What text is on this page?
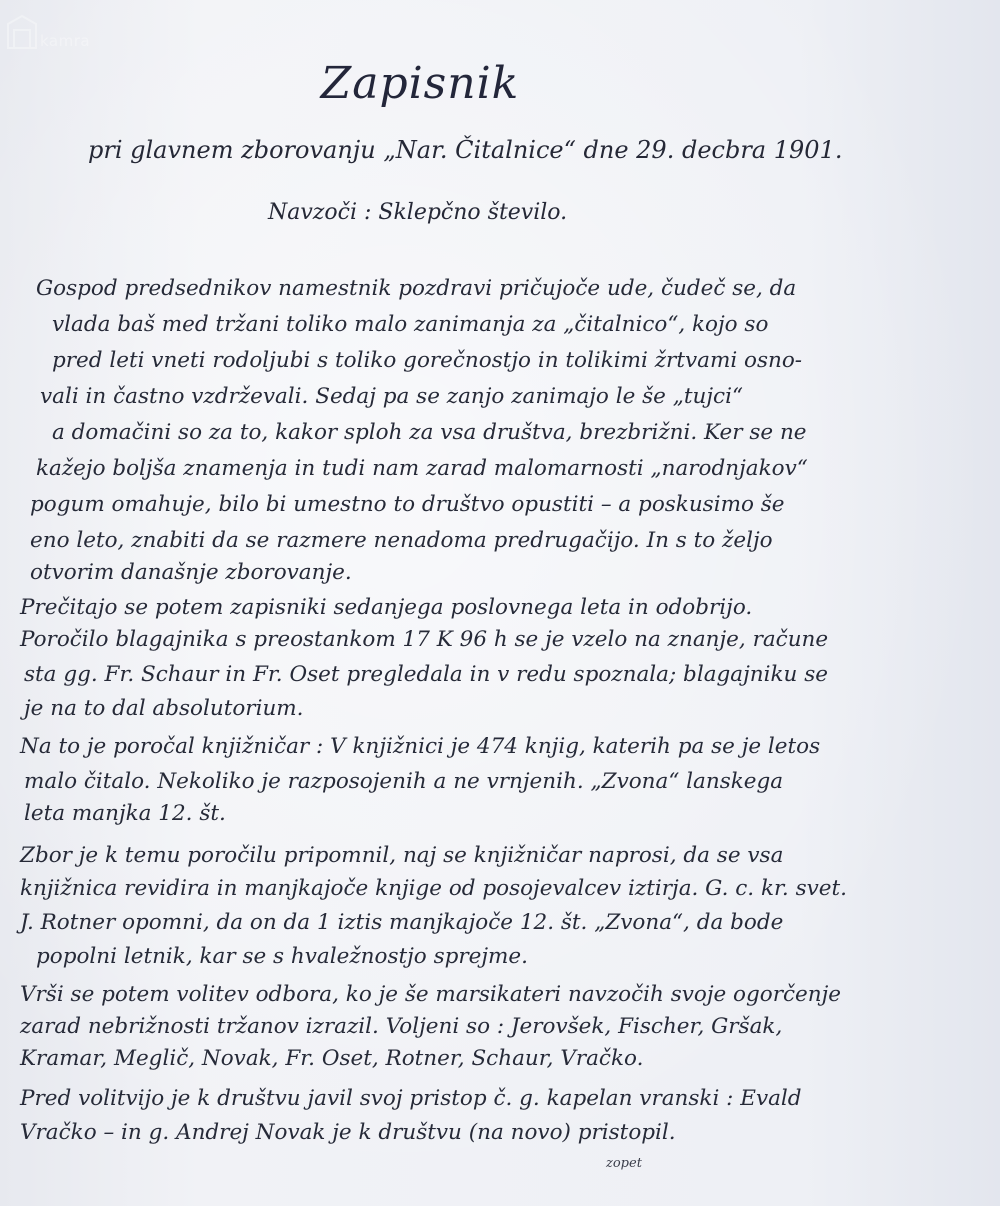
kamra
Zapisnik
pri glavnem zborovanju „Nar. Čitalnice“ dne 29. decbra 1901.
Navzoči : Sklepčno število.
Gospod predsednikov namestnik pozdravi pričujoče ude, čudeč se, da
vlada baš med tržani toliko malo zanimanja za „čitalnico“, kojo so
pred leti vneti rodoljubi s toliko gorečnostjo in tolikimi žrtvami osno-
vali in častno vzdrževali. Sedaj pa se zanjo zanimajo le še „tujci“
a domačini so za to, kakor sploh za vsa društva, brezbrižni. Ker se ne
kažejo boljša znamenja in tudi nam zarad malomarnosti „narodnjakov“
pogum omahuje, bilo bi umestno to društvo opustiti – a poskusimo še
eno leto, znabiti da se razmere nenadoma predrugačijo. In s to željo
otvorim današnje zborovanje.
Prečitajo se potem zapisniki sedanjega poslovnega leta in odobrijo.
Poročilo blagajnika s preostankom 17 K 96 h se je vzelo na znanje, račune
sta gg. Fr. Schaur in Fr. Oset pregledala in v redu spoznala; blagajniku se
je na to dal absolutorium.
Na to je poročal knjižničar : V knjižnici je 474 knjig, katerih pa se je letos
malo čitalo. Nekoliko je razposojenih a ne vrnjenih. „Zvona“ lanskega
leta manjka 12. št.
Zbor je k temu poročilu pripomnil, naj se knjižničar naprosi, da se vsa
knjižnica revidira in manjkajoče knjige od posojevalcev iztirja. G. c. kr. svet.
J. Rotner opomni, da on da 1 iztis manjkajoče 12. št. „Zvona“, da bode
popolni letnik, kar se s hvaležnostjo sprejme.
Vrši se potem volitev odbora, ko je še marsikateri navzočih svoje ogorčenje
zarad nebrižnosti tržanov izrazil. Voljeni so : Jerovšek, Fischer, Gršak,
Kramar, Meglič, Novak, Fr. Oset, Rotner, Schaur, Vračko.
Pred volitvijo je k društvu javil svoj pristop č. g. kapelan vranski : Evald
Vračko – in g. Andrej Novak je k društvu (na novo) pristopil.
zopet
